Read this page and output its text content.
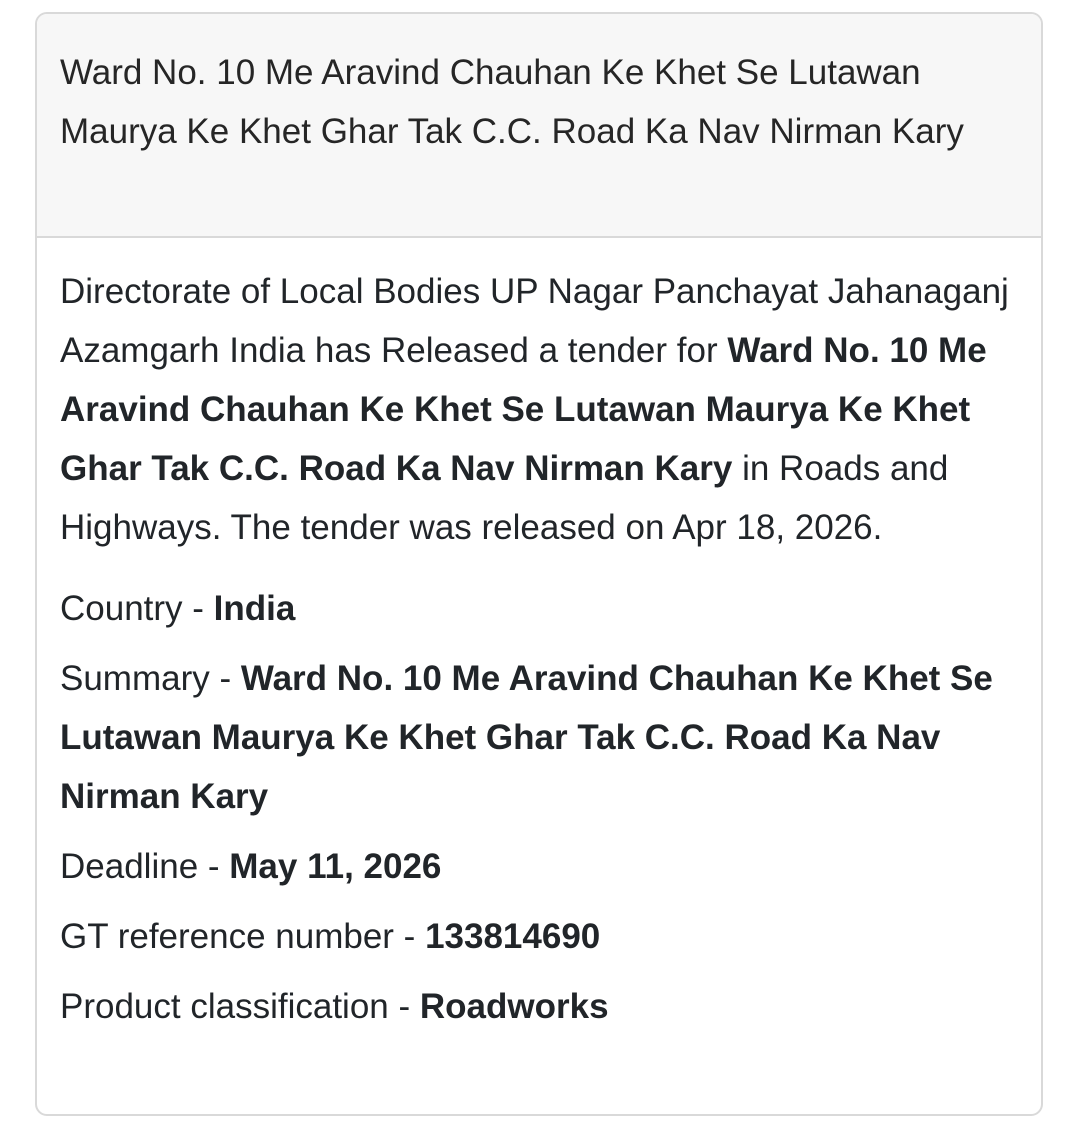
Ward No. 10 Me Aravind Chauhan Ke Khet Se Lutawan Maurya Ke Khet Ghar Tak C.C. Road Ka Nav Nirman Kary

Directorate of Local Bodies UP Nagar Panchayat Jahanaganj Azamgarh India has Released a tender for Ward No. 10 Me Aravind Chauhan Ke Khet Se Lutawan Maurya Ke Khet Ghar Tak C.C. Road Ka Nav Nirman Kary in Roads and Highways. The tender was released on Apr 18, 2026.

Country - India
Summary - Ward No. 10 Me Aravind Chauhan Ke Khet Se Lutawan Maurya Ke Khet Ghar Tak C.C. Road Ka Nav Nirman Kary
Deadline - May 11, 2026
GT reference number - 133814690
Product classification - Roadworks
